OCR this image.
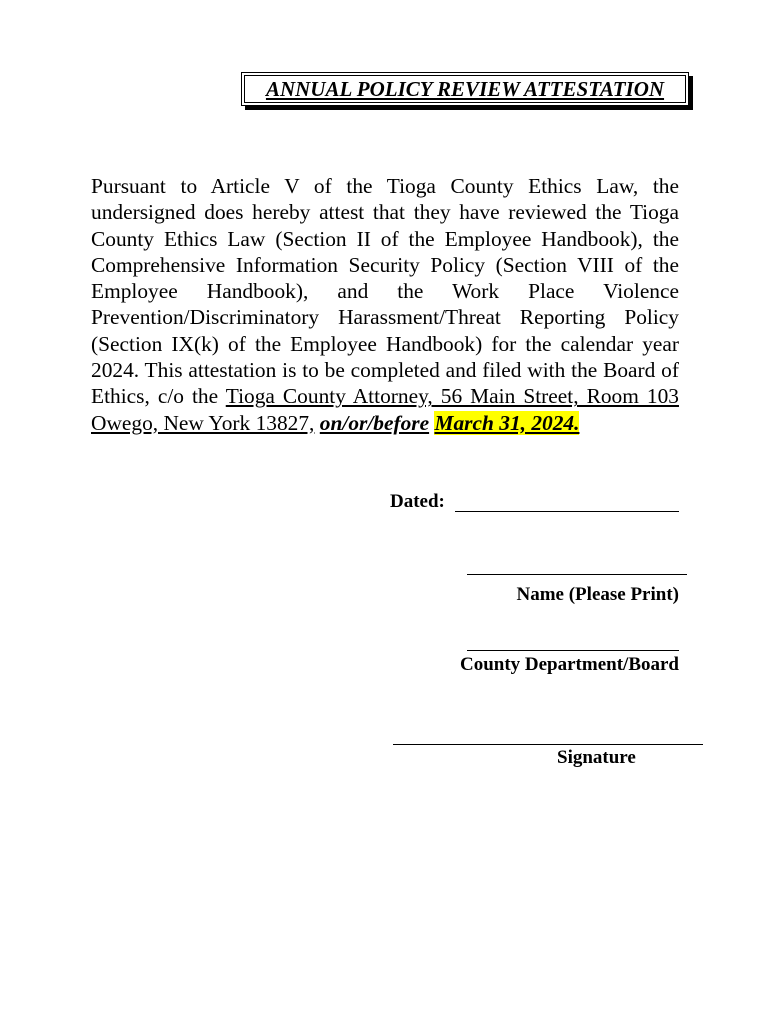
ANNUAL POLICY REVIEW ATTESTATION

Pursuant to Article V of the Tioga County Ethics Law, the undersigned does hereby attest that they have reviewed the Tioga County Ethics Law (Section II of the Employee Handbook), the Comprehensive Information Security Policy (Section VIII of the Employee Handbook), and the Work Place Violence Prevention/Discriminatory Harassment/Threat Reporting Policy (Section IX(k) of the Employee Handbook) for the calendar year 2024. This attestation is to be completed and filed with the Board of Ethics, c/o the Tioga County Attorney, 56 Main Street, Room 103 Owego, New York 13827, on/or/before March 31, 2024.

Dated:
Name (Please Print)
County Department/Board
Signature
